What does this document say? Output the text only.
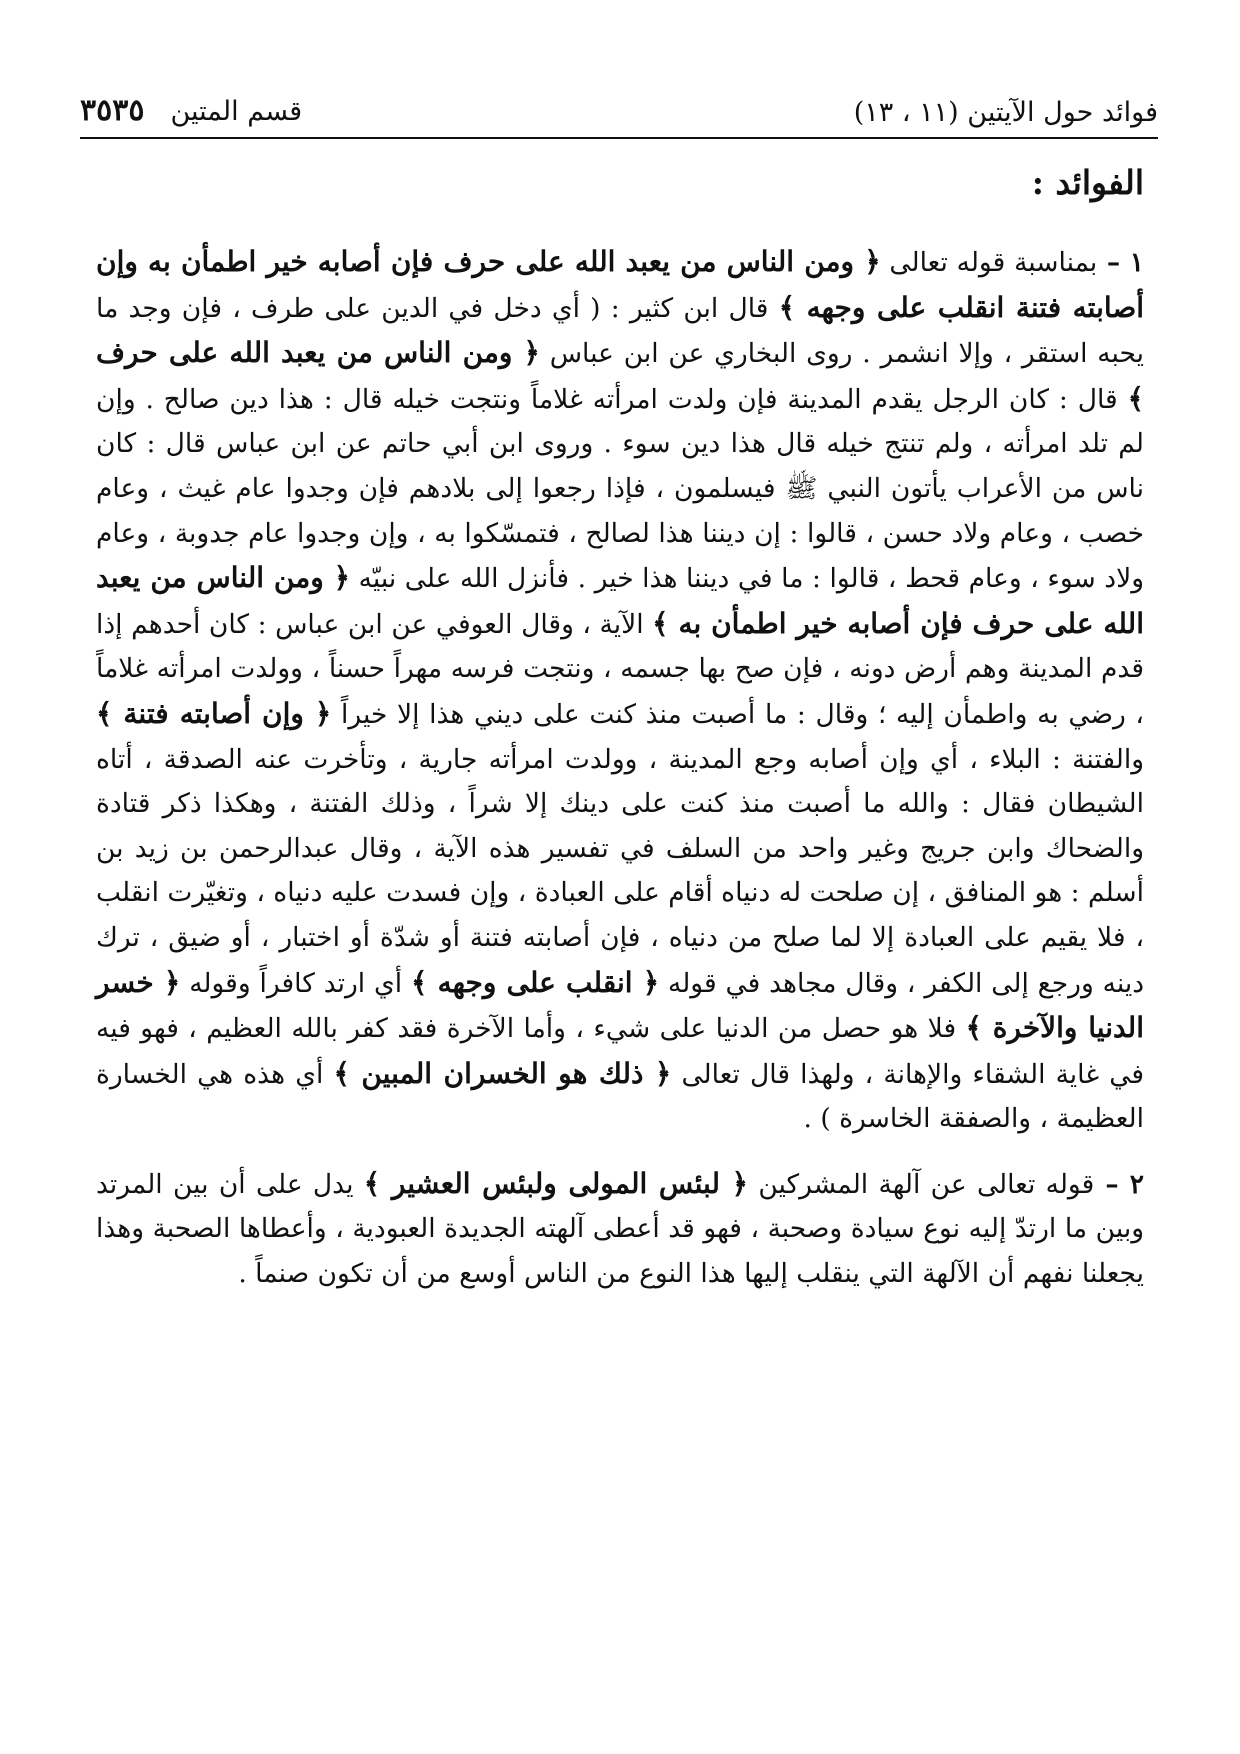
فوائد حول الآيتين (١١ ، ١٣)
قسم المتين
٣٥٣٥
الفوائد :

١ – بمناسبة قوله تعالى ﴿ ومن الناس من يعبد الله على حرف فإن أصابه خير اطمأن به وإن أصابته فتنة انقلب على وجهه ﴾ قال ابن كثير : ( أي دخل في الدين على طرف ، فإن وجد ما يحبه استقر ، وإلا انشمر . روى البخاري عن ابن عباس ﴿ ومن الناس من يعبد الله على حرف ﴾ قال : كان الرجل يقدم المدينة فإن ولدت امرأته غلاماً ونتجت خيله قال : هذا دين صالح . وإن لم تلد امرأته ، ولم تنتج خيله قال هذا دين سوء . وروى ابن أبي حاتم عن ابن عباس قال : كان ناس من الأعراب يأتون النبي ﷺ فيسلمون ، فإذا رجعوا إلى بلادهم فإن وجدوا عام غيث ، وعام خصب ، وعام ولاد حسن ، قالوا : إن ديننا هذا لصالح ، فتمسّكوا به ، وإن وجدوا عام جدوبة ، وعام ولاد سوء ، وعام قحط ، قالوا : ما في ديننا هذا خير . فأنزل الله على نبيّه ﴿ ومن الناس من يعبد الله على حرف فإن أصابه خير اطمأن به ﴾ الآية ، وقال العوفي عن ابن عباس : كان أحدهم إذا قدم المدينة وهم أرض دونه ، فإن صح بها جسمه ، ونتجت فرسه مهراً حسناً ، وولدت امرأته غلاماً ، رضي به واطمأن إليه ؛ وقال : ما أصبت منذ كنت على ديني هذا إلا خيراً ﴿ وإن أصابته فتنة ﴾ والفتنة : البلاء ، أي وإن أصابه وجع المدينة ، وولدت امرأته جارية ، وتأخرت عنه الصدقة ، أتاه الشيطان فقال : والله ما أصبت منذ كنت على دينك إلا شراً ، وذلك الفتنة ، وهكذا ذكر قتادة والضحاك وابن جريج وغير واحد من السلف في تفسير هذه الآية ، وقال عبدالرحمن بن زيد بن أسلم : هو المنافق ، إن صلحت له دنياه أقام على العبادة ، وإن فسدت عليه دنياه ، وتغيّرت انقلب ، فلا يقيم على العبادة إلا لما صلح من دنياه ، فإن أصابته فتنة أو شدّة أو اختبار ، أو ضيق ، ترك دينه ورجع إلى الكفر ، وقال مجاهد في قوله ﴿ انقلب على وجهه ﴾ أي ارتد كافراً وقوله ﴿ خسر الدنيا والآخرة ﴾ فلا هو حصل من الدنيا على شيء ، وأما الآخرة فقد كفر بالله العظيم ، فهو فيه في غاية الشقاء والإهانة ، ولهذا قال تعالى ﴿ ذلك هو الخسران المبين ﴾ أي هذه هي الخسارة العظيمة ، والصفقة الخاسرة ) .

٢ – قوله تعالى عن آلهة المشركين ﴿ لبئس المولى ولبئس العشير ﴾ يدل على أن بين المرتد وبين ما ارتدّ إليه نوع سيادة وصحبة ، فهو قد أعطى آلهته الجديدة العبودية ، وأعطاها الصحبة وهذا يجعلنا نفهم أن الآلهة التي ينقلب إليها هذا النوع من الناس أوسع من أن تكون صنماً .
